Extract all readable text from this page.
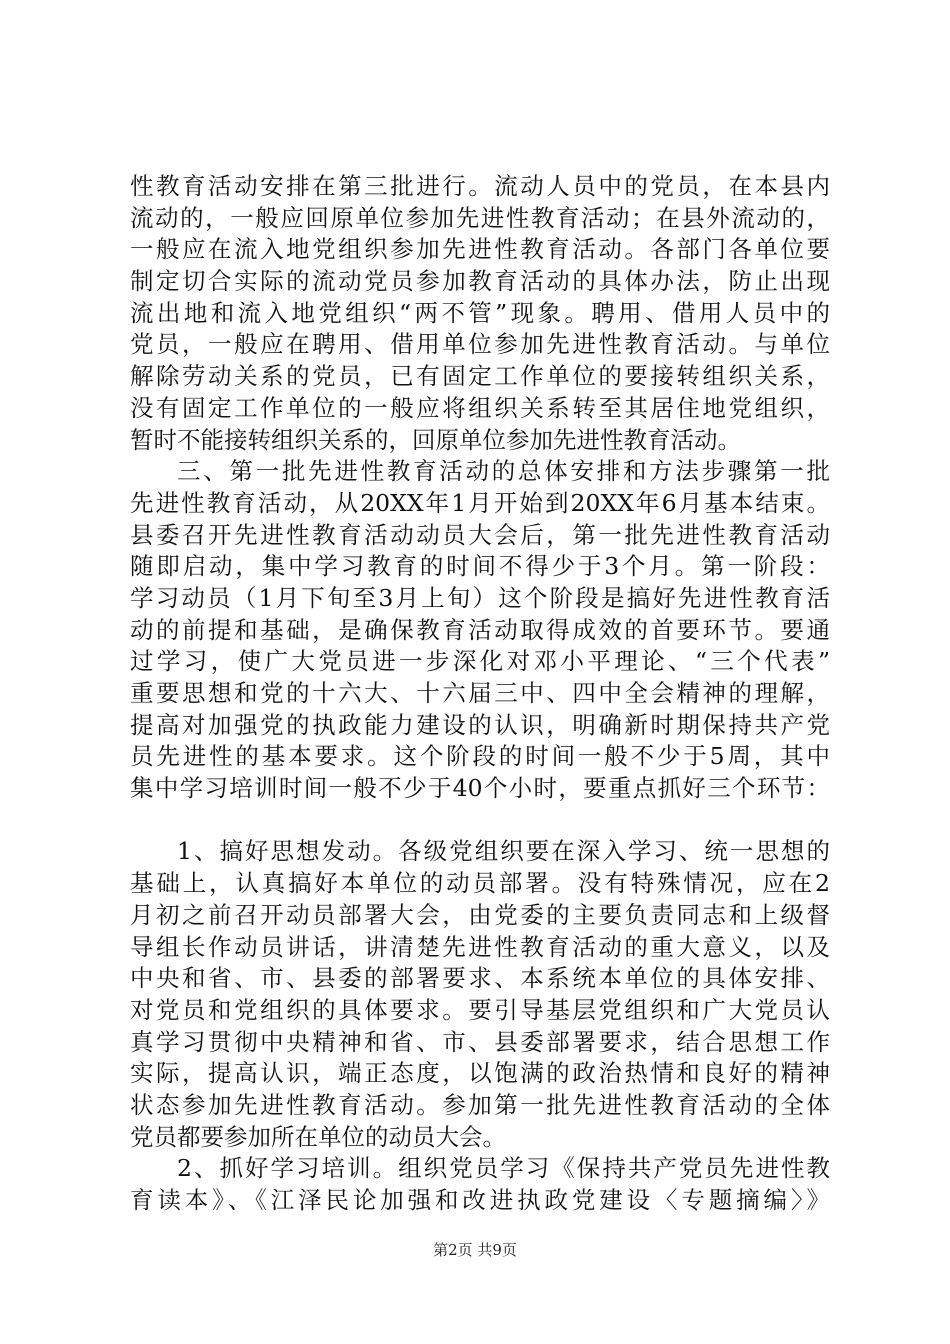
性教育活动安排在第三批进行。流动人员中的党员，在本县内
流动的，一般应回原单位参加先进性教育活动；在县外流动的，
一般应在流入地党组织参加先进性教育活动。各部门各单位要
制定切合实际的流动党员参加教育活动的具体办法，防止出现
流出地和流入地党组织“两不管”现象。聘用、借用人员中的
党员，一般应在聘用、借用单位参加先进性教育活动。与单位
解除劳动关系的党员，已有固定工作单位的要接转组织关系，
没有固定工作单位的一般应将组织关系转至其居住地党组织，
暂时不能接转组织关系的，回原单位参加先进性教育活动。
三、第一批先进性教育活动的总体安排和方法步骤第一批
先进性教育活动，从20XX年1月开始到20XX年6月基本结束。
县委召开先进性教育活动动员大会后，第一批先进性教育活动
随即启动，集中学习教育的时间不得少于3个月。第一阶段：
学习动员（1月下旬至3月上旬）这个阶段是搞好先进性教育活
动的前提和基础，是确保教育活动取得成效的首要环节。要通
过学习，使广大党员进一步深化对邓小平理论、“三个代表”
重要思想和党的十六大、十六届三中、四中全会精神的理解，
提高对加强党的执政能力建设的认识，明确新时期保持共产党
员先进性的基本要求。这个阶段的时间一般不少于5周，其中
集中学习培训时间一般不少于40个小时，要重点抓好三个环节：
1、搞好思想发动。各级党组织要在深入学习、统一思想的
基础上，认真搞好本单位的动员部署。没有特殊情况，应在2
月初之前召开动员部署大会，由党委的主要负责同志和上级督
导组长作动员讲话，讲清楚先进性教育活动的重大意义，以及
中央和省、市、县委的部署要求、本系统本单位的具体安排、
对党员和党组织的具体要求。要引导基层党组织和广大党员认
真学习贯彻中央精神和省、市、县委部署要求，结合思想工作
实际，提高认识，端正态度，以饱满的政治热情和良好的精神
状态参加先进性教育活动。参加第一批先进性教育活动的全体
党员都要参加所在单位的动员大会。
2、抓好学习培训。组织党员学习《保持共产党员先进性教
育读本》、《江泽民论加强和改进执政党建设〈专题摘编〉》
第2页 共9页
